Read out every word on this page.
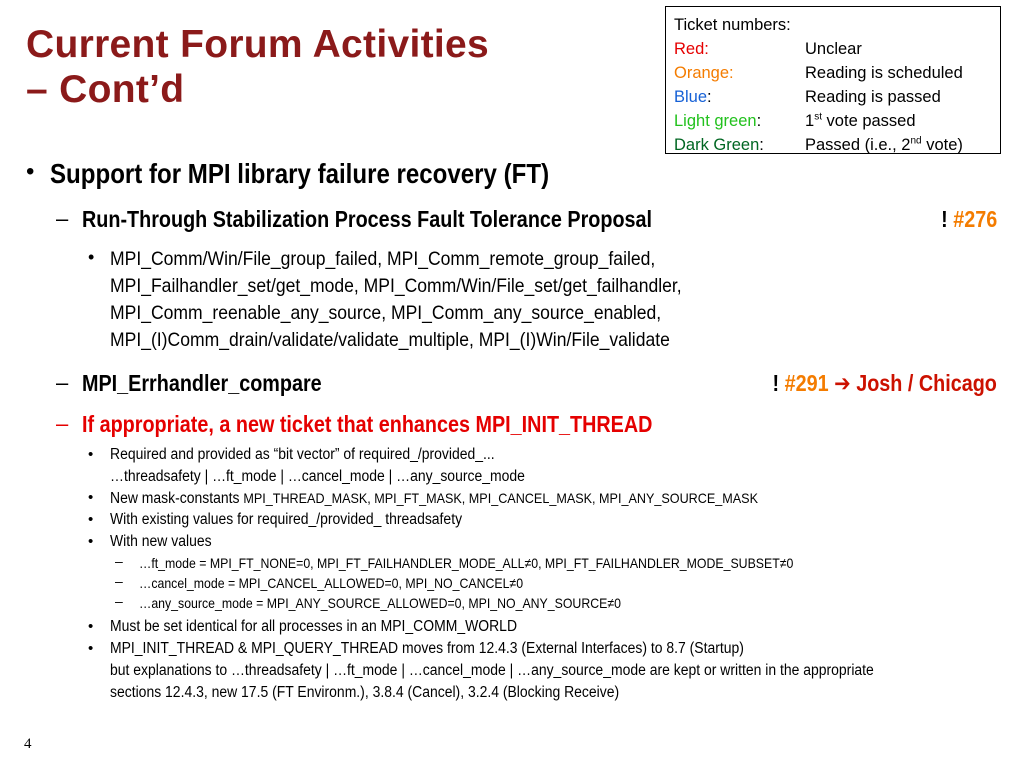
Current Forum Activities
– Cont’d
Ticket numbers:
Red:	Unclear
Orange:	Reading is scheduled
Blue:	Reading is passed
Light green:	1st vote passed
Dark Green:	Passed (i.e., 2nd vote)
• Support for MPI library failure recovery (FT)
– Run-Through Stabilization Process Fault Tolerance Proposal	! #276
• MPI_Comm/Win/File_group_failed, MPI_Comm_remote_group_failed,
MPI_Failhandler_set/get_mode, MPI_Comm/Win/File_set/get_failhandler,
MPI_Comm_reenable_any_source, MPI_Comm_any_source_enabled,
MPI_(I)Comm_drain/validate/validate_multiple, MPI_(I)Win/File_validate
– MPI_Errhandler_compare	! #291 ➔ Josh / Chicago
– If appropriate, a new ticket that enhances MPI_INIT_THREAD
• Required and provided as “bit vector” of required_/provided_...
…threadsafety | …ft_mode | …cancel_mode | …any_source_mode
• New mask-constants MPI_THREAD_MASK, MPI_FT_MASK, MPI_CANCEL_MASK, MPI_ANY_SOURCE_MASK
• With existing values for required_/provided_ threadsafety
• With new values
– …ft_mode = MPI_FT_NONE=0, MPI_FT_FAILHANDLER_MODE_ALL≠0, MPI_FT_FAILHANDLER_MODE_SUBSET≠0
– …cancel_mode = MPI_CANCEL_ALLOWED=0, MPI_NO_CANCEL≠0
– …any_source_mode = MPI_ANY_SOURCE_ALLOWED=0, MPI_NO_ANY_SOURCE≠0
• Must be set identical for all processes in an MPI_COMM_WORLD
• MPI_INIT_THREAD & MPI_QUERY_THREAD moves from 12.4.3 (External Interfaces) to 8.7 (Startup)
but explanations to …threadsafety | …ft_mode | …cancel_mode | …any_source_mode are kept or written in the appropriate
sections 12.4.3, new 17.5 (FT Environm.), 3.8.4 (Cancel), 3.2.4 (Blocking Receive)
4
